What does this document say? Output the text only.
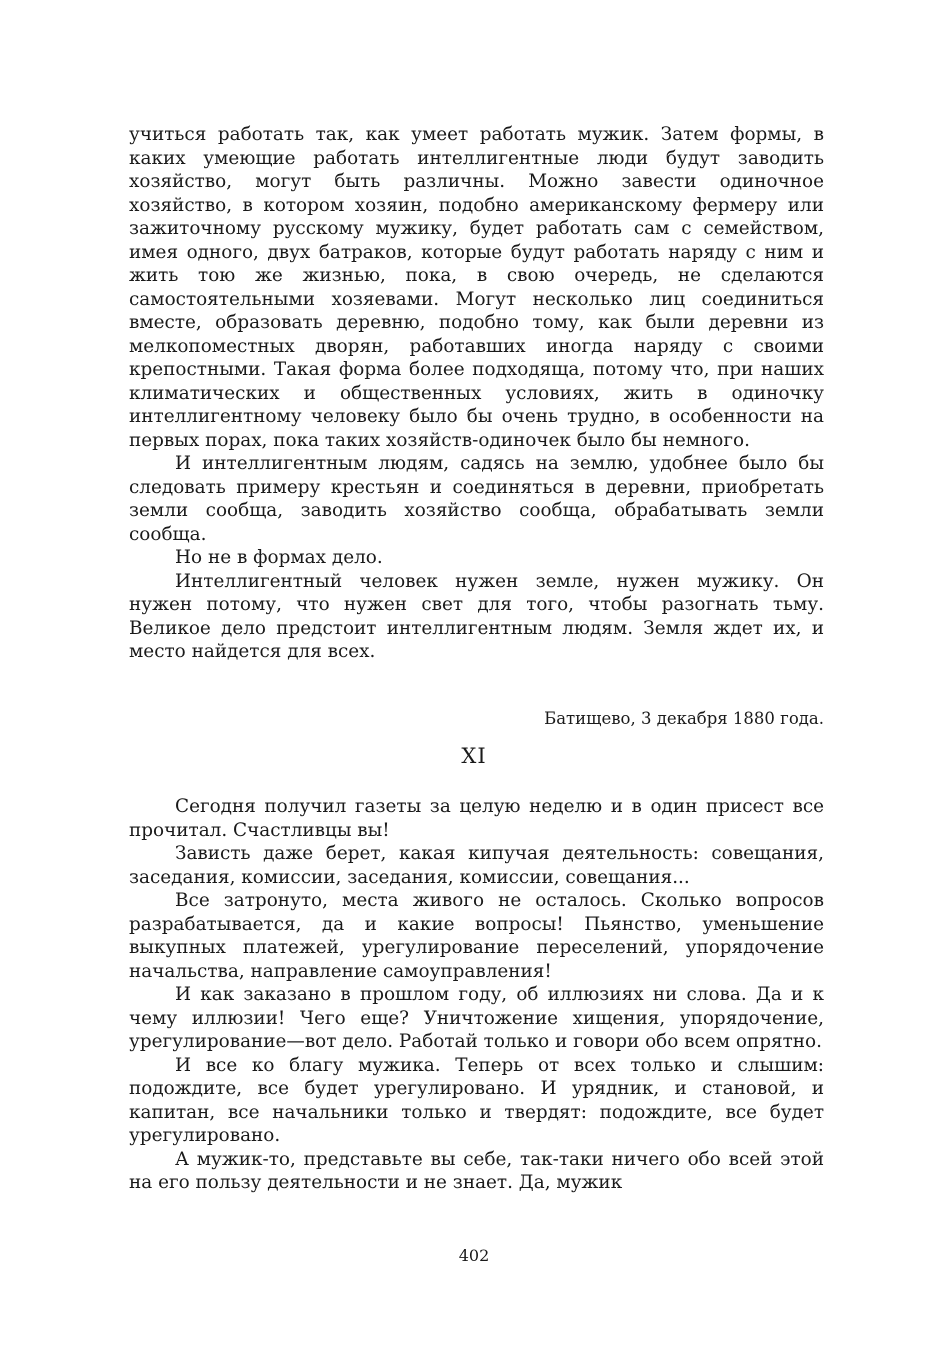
учиться работать так, как умеет работать мужик. Затем формы, в каких умеющие работать интеллигентные люди будут заводить хозяйство, могут быть различны. Можно завести одиночное хозяйство, в котором хозяин, подобно американскому фермеру или зажиточному русскому мужику, будет работать сам с семейством, имея одного, двух батраков, которые будут работать наряду с ним и жить тою же жизнью, пока, в свою очередь, не сделаются самостоятельными хозяевами. Могут несколько лиц соединиться вместе, образовать деревню, подобно тому, как были деревни из мелкопоместных дворян, работавших иногда наряду с своими крепостными. Такая форма более подходяща, потому что, при наших климатических и общественных условиях, жить в одиночку интеллигентному человеку было бы очень трудно, в особенности на первых порах, пока таких хозяйств-одиночек было бы немного.

И интеллигентным людям, садясь на землю, удобнее было бы следовать примеру крестьян и соединяться в деревни, приобретать земли сообща, заводить хозяйство сообща, обрабатывать земли сообща.

Но не в формах дело.

Интеллигентный человек нужен земле, нужен мужику. Он нужен потому, что нужен свет для того, чтобы разогнать тьму. Великое дело предстоит интеллигентным людям. Земля ждет их, и место найдется для всех.

Батищево, 3 декабря 1880 года.
XI

Сегодня получил газеты за целую неделю и в один присест все прочитал. Счастливцы вы!

Зависть даже берет, какая кипучая деятельность: совещания, заседания, комиссии, заседания, комиссии, совещания...

Все затронуто, места живого не осталось. Сколько вопросов разрабатывается, да и какие вопросы! Пьянство, уменьшение выкупных платежей, урегулирование переселений, упорядочение начальства, направление самоуправления!

И как заказано в прошлом году, об иллюзиях ни слова. Да и к чему иллюзии! Чего еще? Уничтожение хищения, упорядочение, урегулирование—вот дело. Работай только и говори обо всем опрятно.

И все ко благу мужика. Теперь от всех только и слышим: подождите, все будет урегулировано. И урядник, и становой, и капитан, все начальники только и твердят: подождите, все будет урегулировано.

А мужик-то, представьте вы себе, так-таки ничего обо всей этой на его пользу деятельности и не знает. Да, мужик

402
